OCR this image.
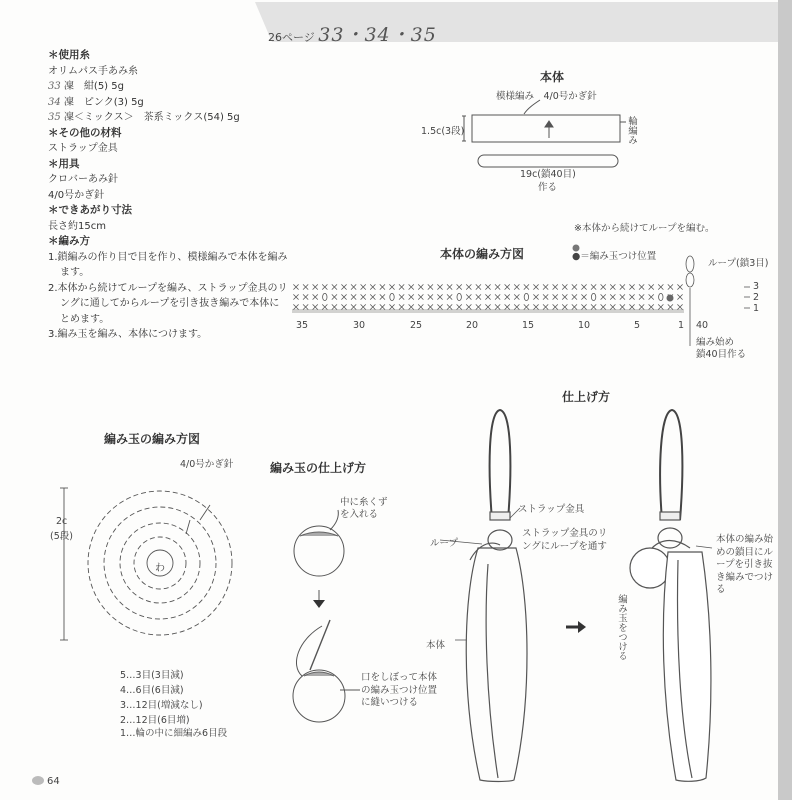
26ページ 33・34・35
＊使用糸
オリムパス手あみ糸
33 凜　紺(5) 5g
34 凜　ピンク(3) 5g
35 凜＜ミックス＞　茶系ミックス(54) 5g
＊その他の材料
ストラップ金具
＊用具
クロバーあみ針
4/0号かぎ針
＊できあがり寸法
長さ約15cm
＊編み方
1.鎖編みの作り目で目を作り、模様編みで本体を編みます。
2.本体から続けてループを編み、ストラップ金具のリングに通してからループを引き抜き編みで本体にとめます。
3.編み玉を編み、本体につけます。
本体
模様編み　4/0号かぎ針
1.5c(3段)	輪編み
19c(鎖40目)
作る
※本体から続けてループを編む。
本体の編み方図	●＝編み玉つけ位置
ループ(鎖3目)
3
2
1
35	30	25	20	15	10	5	1 40
編み始め
鎖40目作る
編み玉の編み方図
4/0号かぎ針
2c
(5段)
わ
5…3目(3目減)
4…6目(6目減)
3…12目(増減なし)
2…12目(6目増)
1…輪の中に細編み6目段
編み玉の仕上げ方
中に糸くずを入れる
口をしぼって本体の編み玉つけ位置に縫いつける
仕上げ方
ストラップ金具
ループ
ストラップ金具のリングにループを通す
本体	編み玉をつける
本体の編み始めの鎖目にループを引き抜き編みでつける
64
